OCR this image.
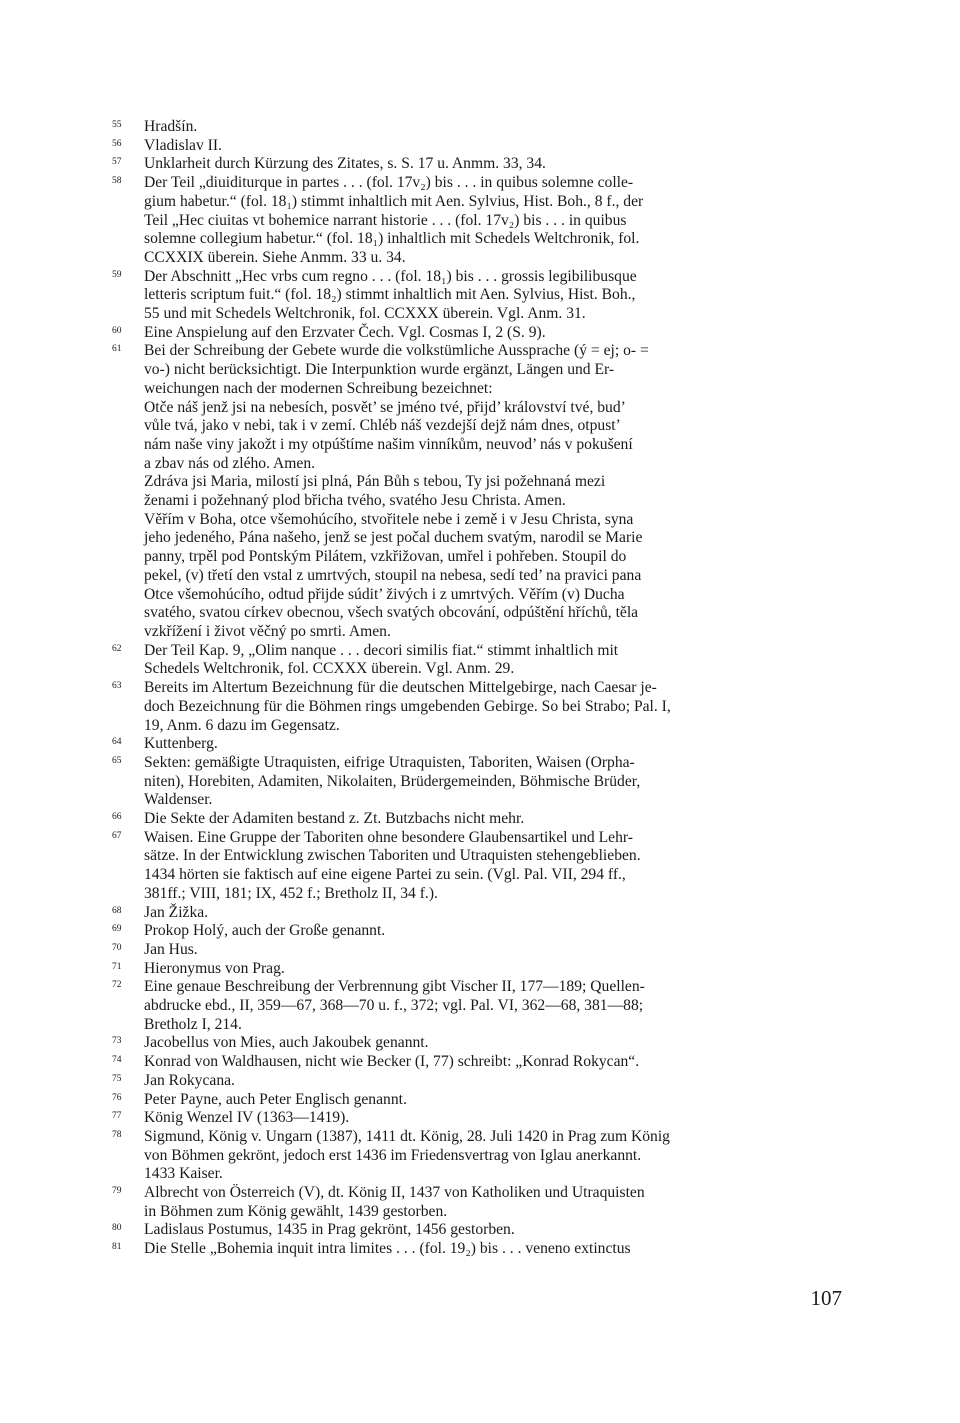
55	Hradšín.
56	Vladislav II.
57	Unklarheit durch Kürzung des Zitates, s. S. 17 u. Anmm. 33, 34.
58	Der Teil „diuiditurque in partes . . . (fol. 17v₂) bis . . . in quibus solemne colle-
gium habetur.“ (fol. 18₁) stimmt inhaltlich mit Aen. Sylvius, Hist. Boh., 8 f., der
Teil „Hec ciuitas vt bohemice narrant historie . . . (fol. 17v₂) bis . . . in quibus
solemne collegium habetur.“ (fol. 18₁) inhaltlich mit Schedels Weltchronik, fol.
CCXXIX überein. Siehe Anmm. 33 u. 34.
59	Der Abschnitt „Hec vrbs cum regno . . . (fol. 18₁) bis . . . grossis legibilibusque
letteris scriptum fuit.“ (fol. 18₂) stimmt inhaltlich mit Aen. Sylvius, Hist. Boh.,
55 und mit Schedels Weltchronik, fol. CCXXX überein. Vgl. Anm. 31.
60	Eine Anspielung auf den Erzvater Čech. Vgl. Cosmas I, 2 (S. 9).
61	Bei der Schreibung der Gebete wurde die volkstümliche Aussprache (ý = ej; o- =
vo-) nicht berücksichtigt. Die Interpunktion wurde ergänzt, Längen und Er-
weichungen nach der modernen Schreibung bezeichnet:
Otče náš jenž jsi na nebesích, posvět’ se jméno tvé, přijd’ království tvé, bud’
vůle tvá, jako v nebi, tak i v zemí. Chléb náš vezdejší dejž nám dnes, otpust’
nám naše viny jakožt i my otpúštíme našim vinníkům, neuvod’ nás v pokušení
a zbav nás od zlého. Amen.
Zdráva jsi Maria, milostí jsi plná, Pán Bůh s tebou, Ty jsi požehnaná mezi
ženami i požehnaný plod břicha tvého, svatého Jesu Christa. Amen.
Věřím v Boha, otce všemohúcího, stvořitele nebe i země i v Jesu Christa, syna
jeho jedeného, Pána našeho, jenž se jest počal duchem svatým, narodil se Marie
panny, trpěl pod Pontským Pilátem, vzkřižovan, umřel i pohřeben. Stoupil do
pekel, (v) třetí den vstal z umrtvých, stoupil na nebesa, sedí ted’ na pravici pana
Otce všemohúcího, odtud přijde súdit’ živých i z umrtvých. Věřím (v) Ducha
svatého, svatou církev obecnou, všech svatých obcování, odpúštění hříchů, těla
vzkřížení i život věčný po smrti. Amen.
62	Der Teil Kap. 9, „Olim nanque . . . decori similis fiat.“ stimmt inhaltlich mit
Schedels Weltchronik, fol. CCXXX überein. Vgl. Anm. 29.
63	Bereits im Altertum Bezeichnung für die deutschen Mittelgebirge, nach Caesar je-
doch Bezeichnung für die Böhmen rings umgebenden Gebirge. So bei Strabo; Pal. I,
19, Anm. 6 dazu im Gegensatz.
64	Kuttenberg.
65	Sekten: gemäßigte Utraquisten, eifrige Utraquisten, Taboriten, Waisen (Orpha-
niten), Horebiten, Adamiten, Nikolaiten, Brüdergemeinden, Böhmische Brüder,
Waldenser.
66	Die Sekte der Adamiten bestand z. Zt. Butzbachs nicht mehr.
67	Waisen. Eine Gruppe der Taboriten ohne besondere Glaubensartikel und Lehr-
sätze. In der Entwicklung zwischen Taboriten und Utraquisten stehengeblieben.
1434 hörten sie faktisch auf eine eigene Partei zu sein. (Vgl. Pal. VII, 294 ff.,
381ff.; VIII, 181; IX, 452 f.; Bretholz II, 34 f.).
68	Jan Žižka.
69	Prokop Holý, auch der Große genannt.
70	Jan Hus.
71	Hieronymus von Prag.
72	Eine genaue Beschreibung der Verbrennung gibt Vischer II, 177—189; Quellen-
abdrucke ebd., II, 359—67, 368—70 u. f., 372; vgl. Pal. VI, 362—68, 381—88;
Bretholz I, 214.
73	Jacobellus von Mies, auch Jakoubek genannt.
74	Konrad von Waldhausen, nicht wie Becker (I, 77) schreibt: „Konrad Rokycan“.
75	Jan Rokycana.
76	Peter Payne, auch Peter Englisch genannt.
77	König Wenzel IV (1363—1419).
78	Sigmund, König v. Ungarn (1387), 1411 dt. König, 28. Juli 1420 in Prag zum König
von Böhmen gekrönt, jedoch erst 1436 im Friedensvertrag von Iglau anerkannt.
1433 Kaiser.
79	Albrecht von Österreich (V), dt. König II, 1437 von Katholiken und Utraquisten
in Böhmen zum König gewählt, 1439 gestorben.
80	Ladislaus Postumus, 1435 in Prag gekrönt, 1456 gestorben.
81	Die Stelle „Bohemia inquit intra limites . . . (fol. 19₂) bis . . . veneno extinctus
107
